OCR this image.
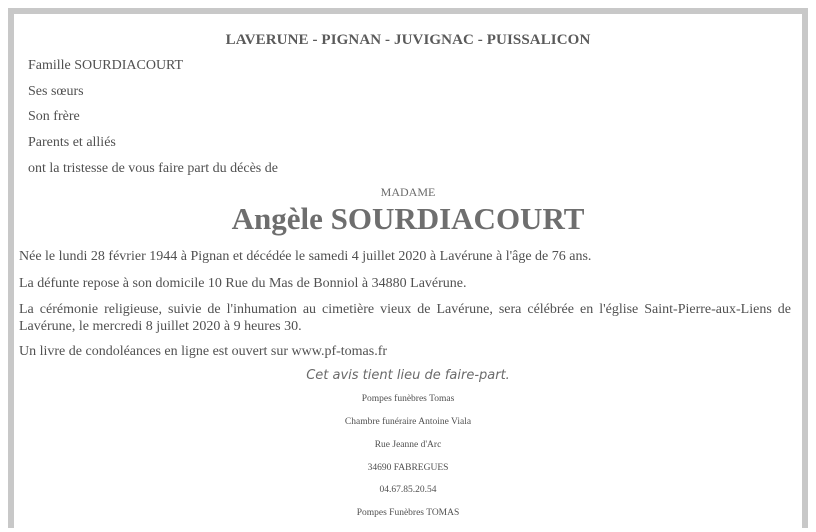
LAVERUNE - PIGNAN - JUVIGNAC - PUISSALICON
Famille SOURDIACOURT
Ses sœurs
Son frère
Parents et alliés
ont la tristesse de vous faire part du décès de
MADAME
Angèle SOURDIACOURT
Née le lundi 28 février 1944 à Pignan et décédée le samedi 4 juillet 2020 à Lavérune à l'âge de 76 ans.
La défunte repose à son domicile 10 Rue du Mas de Bonniol à 34880 Lavérune.
La cérémonie religieuse, suivie de l'inhumation au cimetière vieux de Lavérune, sera célébrée en l'église Saint-Pierre-aux-Liens de Lavérune, le mercredi 8 juillet 2020 à 9 heures 30.
Un livre de condoléances en ligne est ouvert sur www.pf-tomas.fr
Cet avis tient lieu de faire-part.
Pompes funèbres Tomas
Chambre funéraire Antoine Viala
Rue Jeanne d'Arc
34690 FABREGUES
04.67.85.20.54
Pompes Funèbres TOMAS
